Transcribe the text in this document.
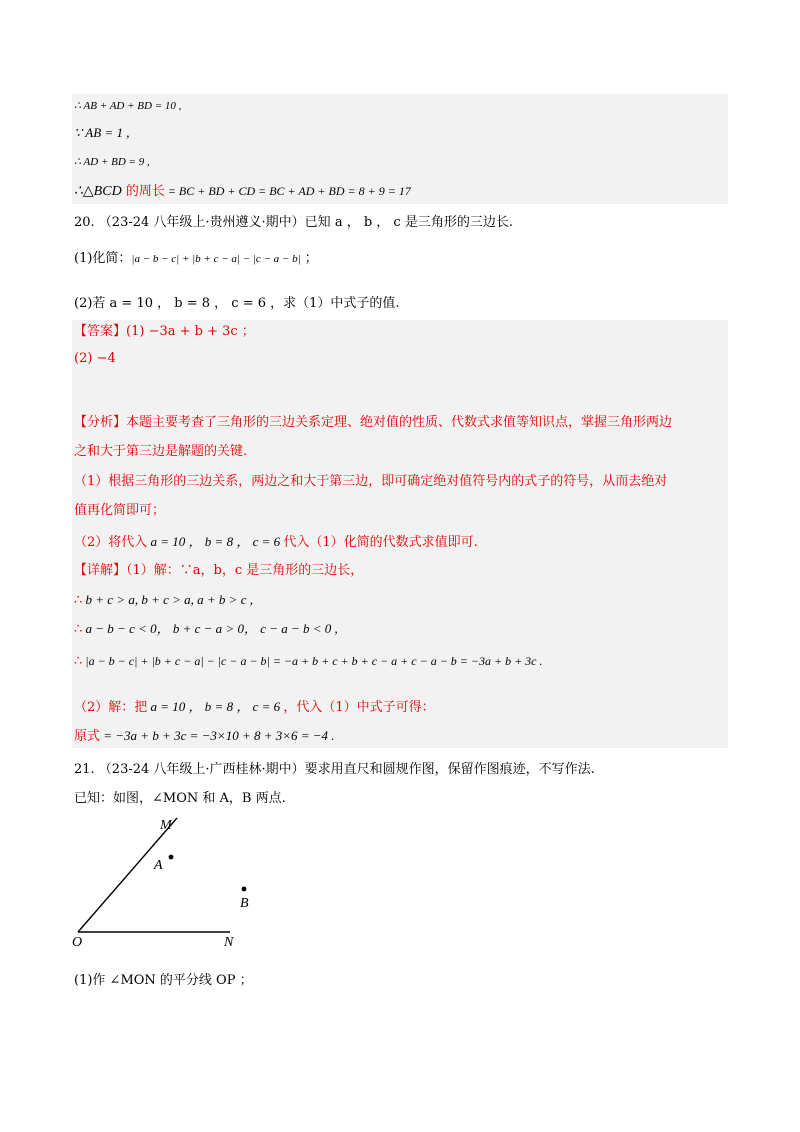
∴ AB + AD + BD = 10 ,
∵ AB = 1 ,
∴ AD + BD = 9 ,
∴△BCD 的周长 = BC + BD + CD = BC + AD + BD = 8 + 9 = 17
20. （23-24 八年级上·贵州遵义·期中）已知 a ， b ， c 是三角形的三边长.
(1)化简：|a − b − c| + |b + c − a| − |c − a − b| ；
(2)若 a = 10 ， b = 8 ， c = 6 ，求（1）中式子的值.
【答案】(1) −3a + b + 3c ；
(2) −4
【分析】本题主要考查了三角形的三边关系定理、绝对值的性质、代数式求值等知识点，掌握三角形两边
之和大于第三边是解题的关键.
（1）根据三角形的三边关系，两边之和大于第三边，即可确定绝对值符号内的式子的符号，从而去绝对
值再化简即可；
（2）将代入 a = 10 ， b = 8 ， c = 6 代入（1）化简的代数式求值即可.
【详解】（1）解：∵a，b，c 是三角形的三边长，
∴ b + c > a, b + c > a, a + b > c ,
∴ a − b − c < 0， b + c − a > 0， c − a − b < 0 ,
∴ |a − b − c| + |b + c − a| − |c − a − b| = −a + b + c + b + c − a + c − a − b = −3a + b + 3c .
（2）解：把 a = 10 ， b = 8 ， c = 6 ，代入（1）中式子可得：
原式 = −3a + b + 3c = −3×10 + 8 + 3×6 = −4 .
21. （23-24 八年级上·广西桂林·期中）要求用直尺和圆规作图，保留作图痕迹，不写作法.
已知：如图，∠MON 和 A，B 两点.
M
A
B
O	N
(1)作 ∠MON 的平分线 OP ；
